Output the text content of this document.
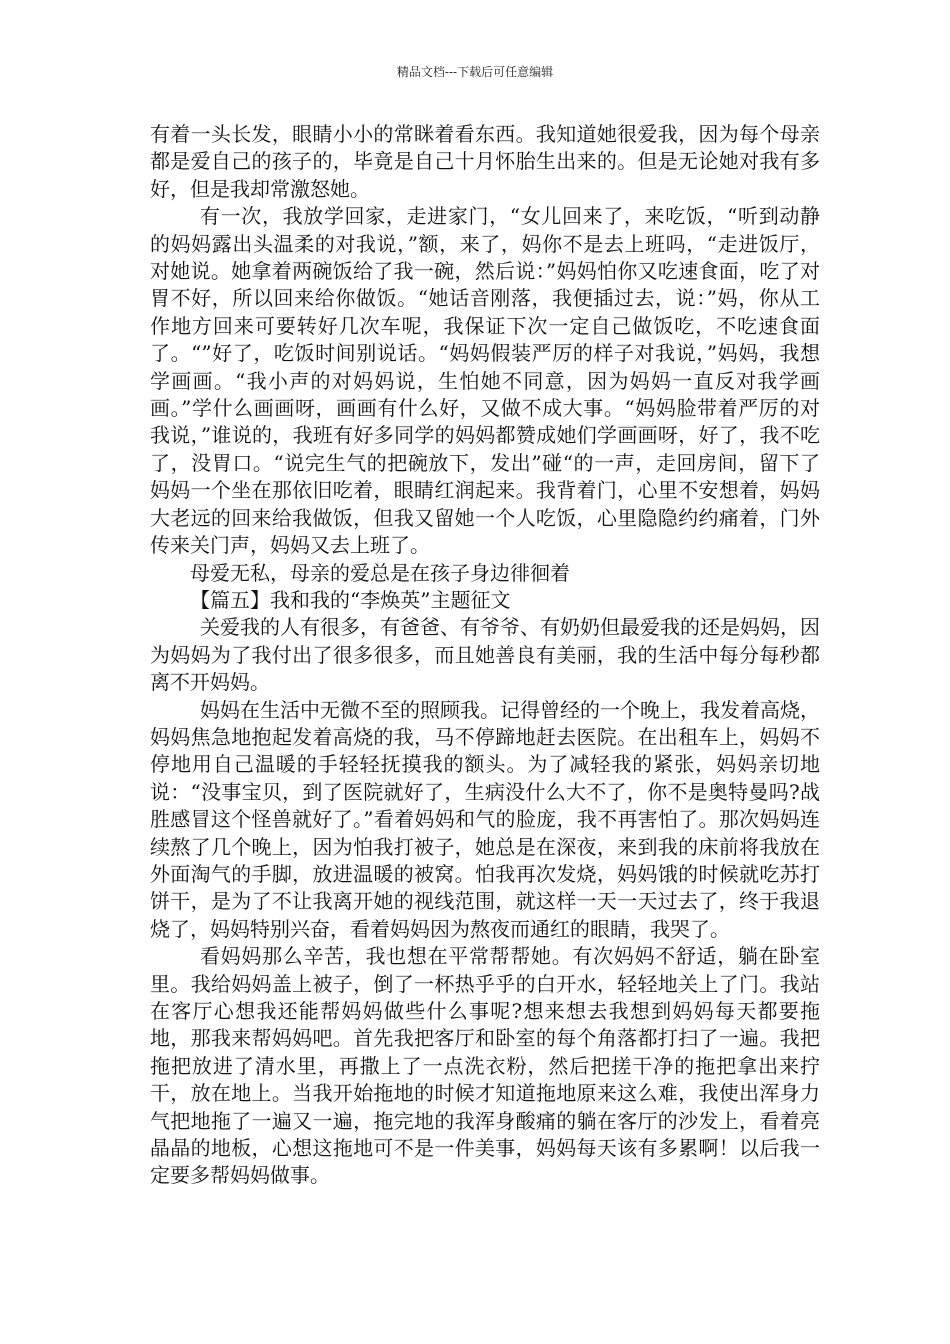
精品文档---下载后可任意编辑

有着一头长发，眼睛小小的常眯着看东西。我知道她很爱我，因为每个母亲都是爱自己的孩子的，毕竟是自己十月怀胎生出来的。但是无论她对我有多好，但是我却常激怒她。

有一次，我放学回家，走进家门，“女儿回来了，来吃饭，“听到动静的妈妈露出头温柔的对我说，”额，来了，妈你不是去上班吗，“走进饭厅，对她说。她拿着两碗饭给了我一碗，然后说：”妈妈怕你又吃速食面，吃了对胃不好，所以回来给你做饭。“她话音刚落，我便插过去，说：”妈，你从工作地方回来可要转好几次车呢，我保证下次一定自己做饭吃，不吃速食面了。“”好了，吃饭时间别说话。“妈妈假装严厉的样子对我说，”妈妈，我想学画画。“我小声的对妈妈说，生怕她不同意，因为妈妈一直反对我学画画。”学什么画画呀，画画有什么好，又做不成大事。“妈妈脸带着严厉的对我说，”谁说的，我班有好多同学的妈妈都赞成她们学画画呀，好了，我不吃了，没胃口。“说完生气的把碗放下，发出”碰“的一声，走回房间，留下了妈妈一个坐在那依旧吃着，眼睛红润起来。我背着门，心里不安想着，妈妈大老远的回来给我做饭，但我又留她一个人吃饭，心里隐隐约约痛着，门外传来关门声，妈妈又去上班了。

母爱无私，母亲的爱总是在孩子身边徘徊着

【篇五】我和我的“李焕英”主题征文

关爱我的人有很多，有爸爸、有爷爷、有奶奶但最爱我的还是妈妈，因为妈妈为了我付出了很多很多，而且她善良有美丽，我的生活中每分每秒都离不开妈妈。

妈妈在生活中无微不至的照顾我。记得曾经的一个晚上，我发着高烧，妈妈焦急地抱起发着高烧的我，马不停蹄地赶去医院。在出租车上，妈妈不停地用自己温暖的手轻轻抚摸我的额头。为了减轻我的紧张，妈妈亲切地说：“没事宝贝，到了医院就好了，生病没什么大不了，你不是奥特曼吗?战胜感冒这个怪兽就好了。”看着妈妈和气的脸庞，我不再害怕了。那次妈妈连续熬了几个晚上，因为怕我打被子，她总是在深夜，来到我的床前将我放在外面淘气的手脚，放进温暖的被窝。怕我再次发烧，妈妈饿的时候就吃苏打饼干，是为了不让我离开她的视线范围，就这样一天一天过去了，终于我退烧了，妈妈特别兴奋，看着妈妈因为熬夜而通红的眼睛，我哭了。

看妈妈那么辛苦，我也想在平常帮帮她。有次妈妈不舒适，躺在卧室里。我给妈妈盖上被子，倒了一杯热乎乎的白开水，轻轻地关上了门。我站在客厅心想我还能帮妈妈做些什么事呢?想来想去我想到妈妈每天都要拖地，那我来帮妈妈吧。首先我把客厅和卧室的每个角落都打扫了一遍。我把拖把放进了清水里，再撒上了一点洗衣粉，然后把搓干净的拖把拿出来拧干，放在地上。当我开始拖地的时候才知道拖地原来这么难，我使出浑身力气把地拖了一遍又一遍，拖完地的我浑身酸痛的躺在客厅的沙发上，看着亮晶晶的地板，心想这拖地可不是一件美事，妈妈每天该有多累啊！以后我一定要多帮妈妈做事。
